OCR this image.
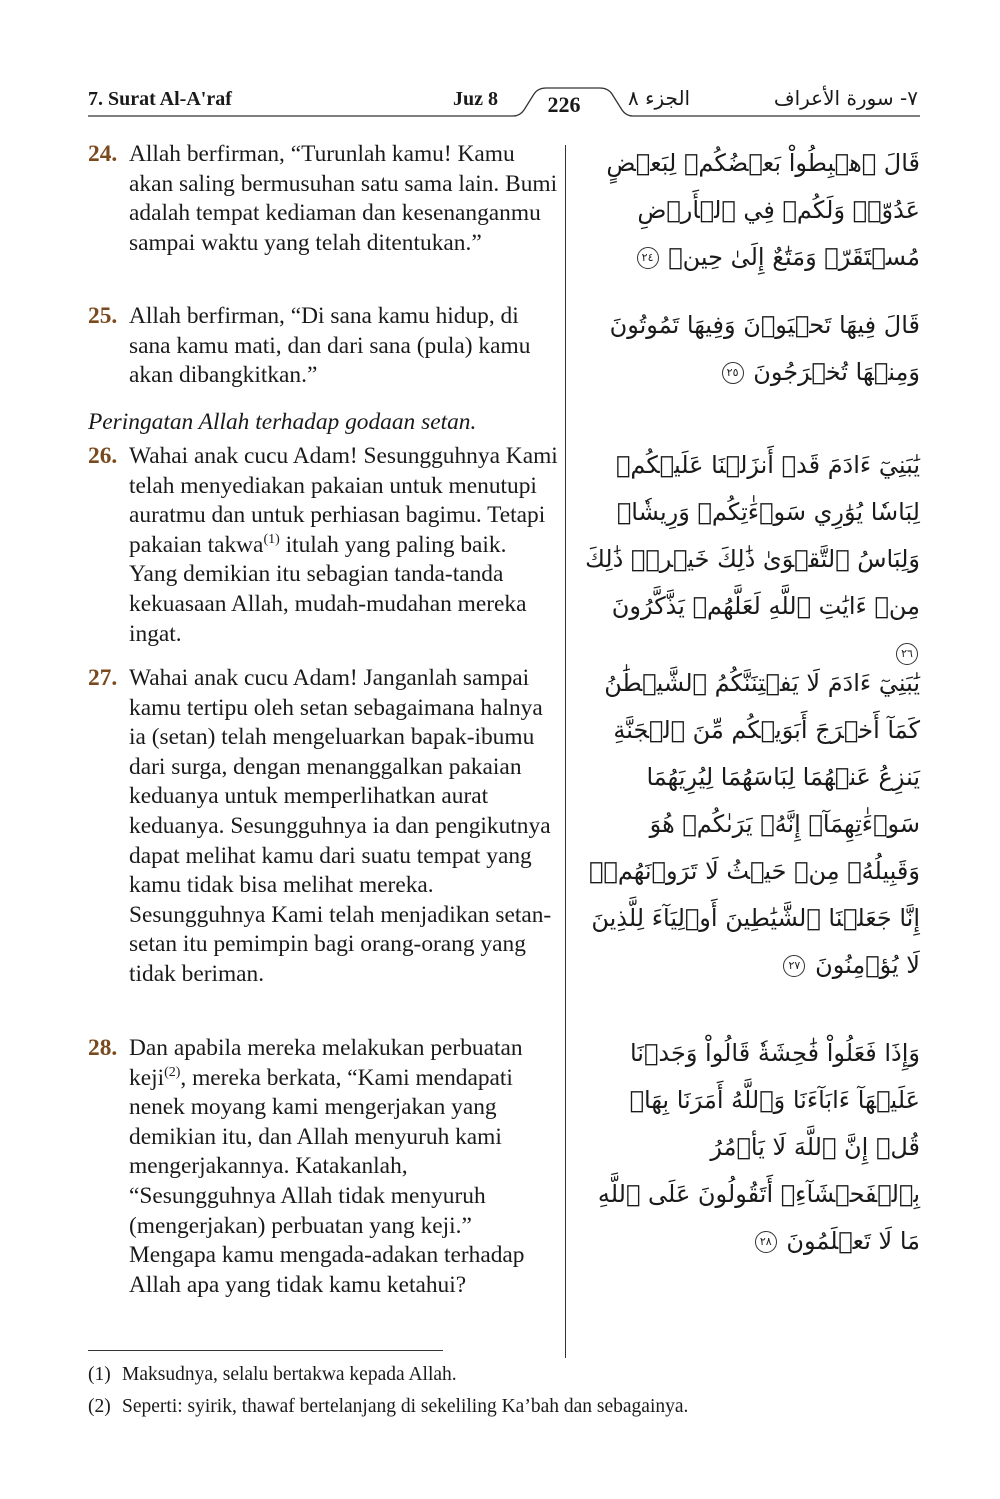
7. Surat Al-A'raf	Juz 8	الجزء ٨	٧- سورة الأعراف
226
24. Allah berfirman, “Turunlah kamu! Kamu akan saling bermusuhan satu sama lain. Bumi adalah tempat kediaman dan kesenanganmu sampai waktu yang telah ditentukan.”
قَالَ ٱهۡبِطُواْ بَعۡضُكُمۡ لِبَعۡضٍ عَدُوّٞۖ وَلَكُمۡ فِي ٱلۡأَرۡضِ مُسۡتَقَرّٞ وَمَتَٰعٌ إِلَىٰ حِينٖ ٢٤
25. Allah berfirman, “Di sana kamu hidup, di sana kamu mati, dan dari sana (pula) kamu akan dibangkitkan.”
قَالَ فِيهَا تَحۡيَوۡنَ وَفِيهَا تَمُوتُونَ وَمِنۡهَا تُخۡرَجُونَ ٢٥
Peringatan Allah terhadap godaan setan.
26. Wahai anak cucu Adam! Sesungguhnya Kami telah menyediakan pakaian untuk menutupi auratmu dan untuk perhiasan bagimu. Tetapi pakaian takwa$^{(1)}$ itulah yang paling baik. Yang demikian itu sebagian tanda-tanda kekuasaan Allah, mudah-mudahan mereka ingat.
يَٰبَنِيٓ ءَادَمَ قَدۡ أَنزَلۡنَا عَلَيۡكُمۡ لِبَاسٗا يُوَٰرِي سَوۡءَٰتِكُمۡ وَرِيشٗاۖ وَلِبَاسُ ٱلتَّقۡوَىٰ ذَٰلِكَ خَيۡرٞۚ ذَٰلِكَ مِنۡ ءَايَٰتِ ٱللَّهِ لَعَلَّهُمۡ يَذَّكَّرُونَ ٢٦
27. Wahai anak cucu Adam! Janganlah sampai kamu tertipu oleh setan sebagaimana halnya ia (setan) telah mengeluarkan bapak-ibumu dari surga, dengan menanggalkan pakaian keduanya untuk memperlihatkan aurat keduanya. Sesungguhnya ia dan pengikutnya dapat melihat kamu dari suatu tempat yang kamu tidak bisa melihat mereka. Sesungguhnya Kami telah menjadikan setan-setan itu pemimpin bagi orang-orang yang tidak beriman.
يَٰبَنِيٓ ءَادَمَ لَا يَفۡتِنَنَّكُمُ ٱلشَّيۡطَٰنُ كَمَآ أَخۡرَجَ أَبَوَيۡكُم مِّنَ ٱلۡجَنَّةِ يَنزِعُ عَنۡهُمَا لِبَاسَهُمَا لِيُرِيَهُمَا سَوۡءَٰتِهِمَآۚ إِنَّهُۥ يَرَىٰكُمۡ هُوَ وَقَبِيلُهُۥ مِنۡ حَيۡثُ لَا تَرَوۡنَهُمۡۗ إِنَّا جَعَلۡنَا ٱلشَّيَٰطِينَ أَوۡلِيَآءَ لِلَّذِينَ لَا يُؤۡمِنُونَ ٢٧
28. Dan apabila mereka melakukan perbuatan keji$^{(2)}$, mereka berkata, “Kami mendapati nenek moyang kami mengerjakan yang demikian itu, dan Allah menyuruh kami mengerjakannya. Katakanlah, “Sesungguhnya Allah tidak menyuruh (mengerjakan) perbuatan yang keji.” Mengapa kamu mengada-adakan terhadap Allah apa yang tidak kamu ketahui?
وَإِذَا فَعَلُواْ فَٰحِشَةٗ قَالُواْ وَجَدۡنَا عَلَيۡهَآ ءَابَآءَنَا وَٱللَّهُ أَمَرَنَا بِهَاۗ قُلۡ إِنَّ ٱللَّهَ لَا يَأۡمُرُ بِٱلۡفَحۡشَآءِۖ أَتَقُولُونَ عَلَى ٱللَّهِ مَا لَا تَعۡلَمُونَ ٢٨
(1) Maksudnya, selalu bertakwa kepada Allah.
(2) Seperti: syirik, thawaf bertelanjang di sekeliling Ka’bah dan sebagainya.
